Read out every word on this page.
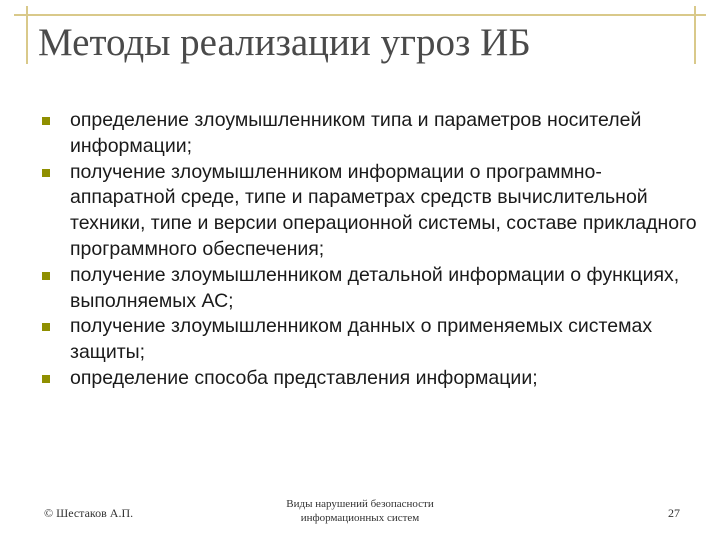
Методы реализации угроз ИБ
определение злоумышленником типа и параметров носителей информации;
получение злоумышленником информации о программно-аппаратной среде, типе и параметрах средств вычислительной техники, типе и версии операционной системы, составе прикладного программного обеспечения;
получение злоумышленником детальной информации о функциях, выполняемых АС;
получение злоумышленником данных о применяемых системах защиты;
определение способа представления информации;
© Шестаков А.П.
Виды нарушений безопасности
информационных систем	27
